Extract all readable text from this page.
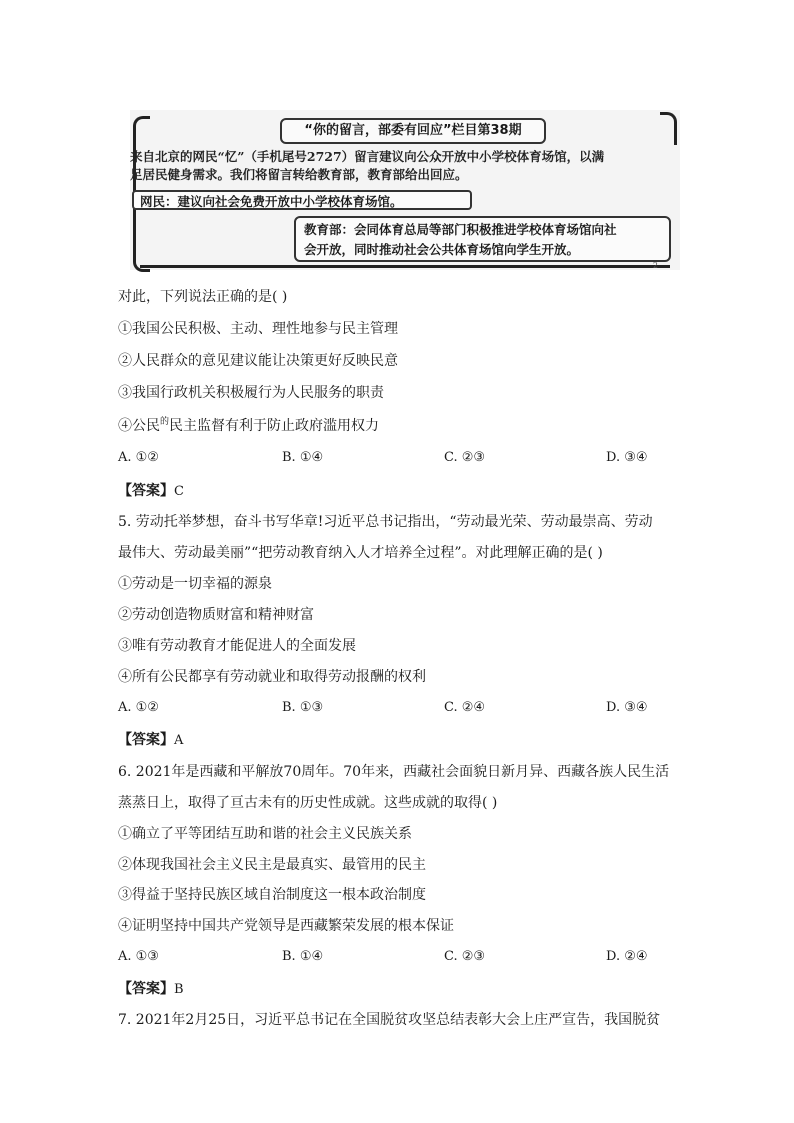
“你的留言，部委有回应”栏目第38期
来自北京的网民“忆”（手机尾号2727）留言建议向公众开放中小学校体育场馆，以满
足居民健身需求。我们将留言转给教育部，教育部给出回应。
网民：建议向社会免费开放中小学校体育场馆。
教育部：会同体育总局等部门积极推进学校体育场馆向社
会开放，同时推动社会公共体育场馆向学生开放。
2
对此，下列说法正确的是( )
①我国公民积极、主动、理性地参与民主管理
②人民群众的意见建议能让决策更好反映民意
③我国行政机关积极履行为人民服务的职责
④公民$^的$民主监督有利于防止政府滥用权力
A. ①②	B. ①④	C. ②③	D. ③④
【答案】C
5. 劳动托举梦想，奋斗书写华章!习近平总书记指出，“劳动最光荣、劳动最崇高、劳动
最伟大、劳动最美丽”“把劳动教育纳入人才培养全过程”。对此理解正确的是( )
①劳动是一切幸福的源泉
②劳动创造物质财富和精神财富
③唯有劳动教育才能促进人的全面发展
④所有公民都享有劳动就业和取得劳动报酬的权利
A. ①②	B. ①③	C. ②④	D. ③④
【答案】A
6. 2021年是西藏和平解放70周年。70年来，西藏社会面貌日新月异、西藏各族人民生活
蒸蒸日上，取得了亘古未有的历史性成就。这些成就的取得( )
①确立了平等团结互助和谐的社会主义民族关系
②体现我国社会主义民主是最真实、最管用的民主
③得益于坚持民族区域自治制度这一根本政治制度
④证明坚持中国共产党领导是西藏繁荣发展的根本保证
A. ①③	B. ①④	C. ②③	D. ②④
【答案】B
7. 2021年2月25日，习近平总书记在全国脱贫攻坚总结表彰大会上庄严宣告，我国脱贫
